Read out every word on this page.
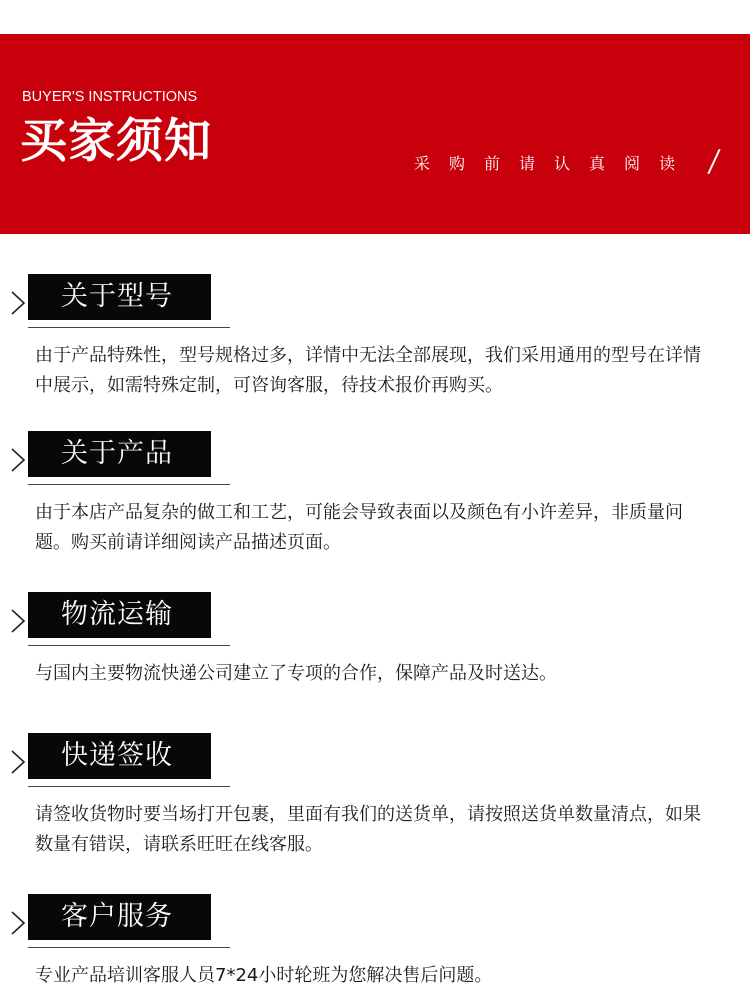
BUYER'S INSTRUCTIONS
买家须知	采购前请认真阅读
关于型号
由于产品特殊性，型号规格过多，详情中无法全部展现，我们采用通用的型号在详情中展示，如需特殊定制，可咨询客服，待技术报价再购买。
关于产品
由于本店产品复杂的做工和工艺，可能会导致表面以及颜色有小许差异，非质量问题。购买前请详细阅读产品描述页面。
物流运输
与国内主要物流快递公司建立了专项的合作，保障产品及时送达。
快递签收
请签收货物时要当场打开包裹，里面有我们的送货单，请按照送货单数量清点，如果数量有错误，请联系旺旺在线客服。
客户服务
专业产品培训客服人员7*24小时轮班为您解决售后问题。
